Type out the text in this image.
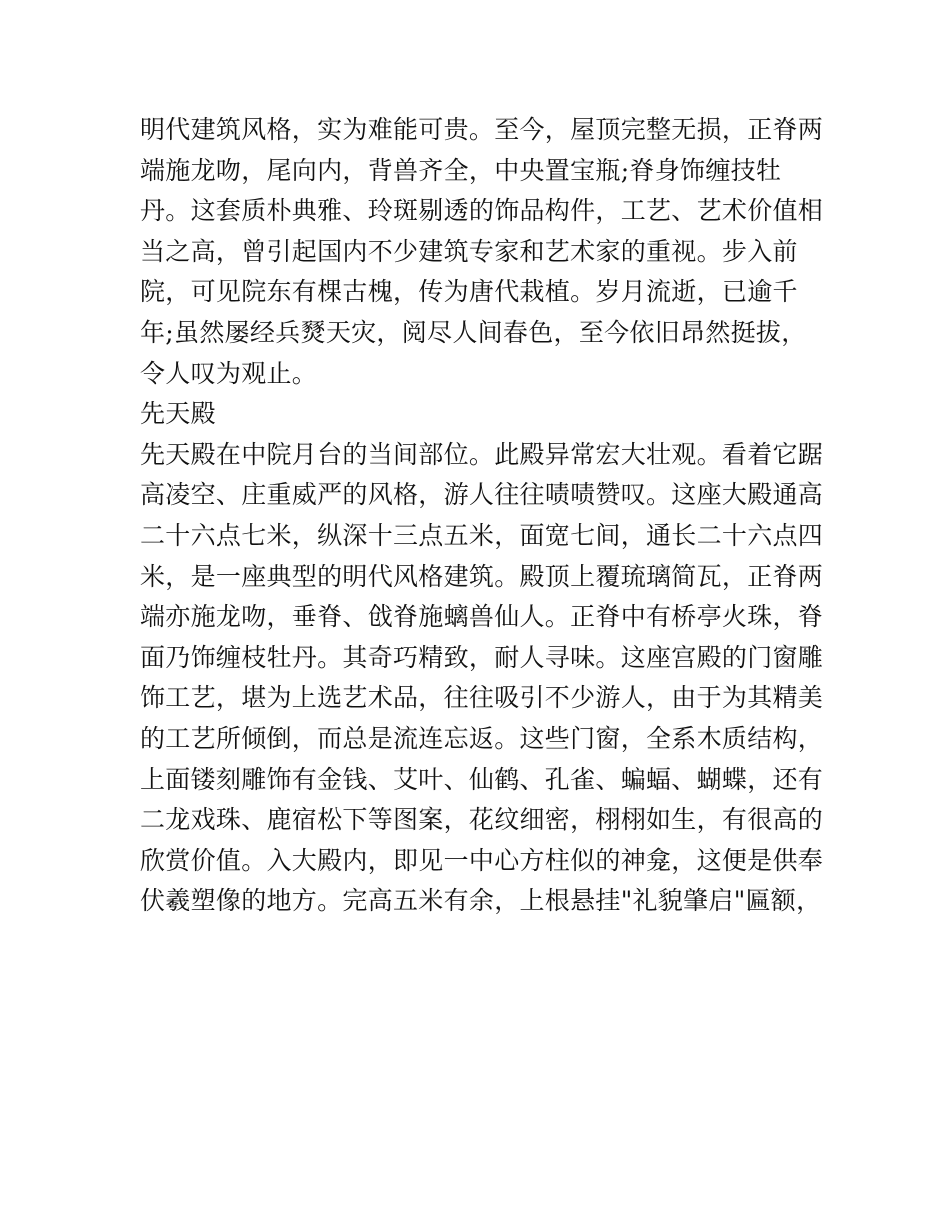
明代建筑风格，实为难能可贵。至今，屋顶完整无损，正脊两
端施龙吻，尾向内，背兽齐全，中央置宝瓶;脊身饰缠技牡
丹。这套质朴典雅、玲斑剔透的饰品构件，工艺、艺术价值相
当之高，曾引起国内不少建筑专家和艺术家的重视。步入前
院，可见院东有棵古槐，传为唐代栽植。岁月流逝，已逾千
年;虽然屡经兵燹天灾，阅尽人间春色，至今依旧昂然挺拔，
令人叹为观止。
先天殿
先天殿在中院月台的当间部位。此殿异常宏大壮观。看着它踞
高凌空、庄重威严的风格，游人往往啧啧赞叹。这座大殿通高
二十六点七米，纵深十三点五米，面宽七间，通长二十六点四
米，是一座典型的明代风格建筑。殿顶上覆琉璃简瓦，正脊两
端亦施龙吻，垂脊、戗脊施螭兽仙人。正脊中有桥亭火珠，脊
面乃饰缠枝牡丹。其奇巧精致，耐人寻味。这座宫殿的门窗雕
饰工艺，堪为上选艺术品，往往吸引不少游人，由于为其精美
的工艺所倾倒，而总是流连忘返。这些门窗，全系木质结构，
上面镂刻雕饰有金钱、艾叶、仙鹤、孔雀、蝙蝠、蝴蝶，还有
二龙戏珠、鹿宿松下等图案，花纹细密，栩栩如生，有很高的
欣赏价值。入大殿内，即见一中心方柱似的神龛，这便是供奉
伏羲塑像的地方。完高五米有余，上根悬挂"礼貌肇启"匾额，
